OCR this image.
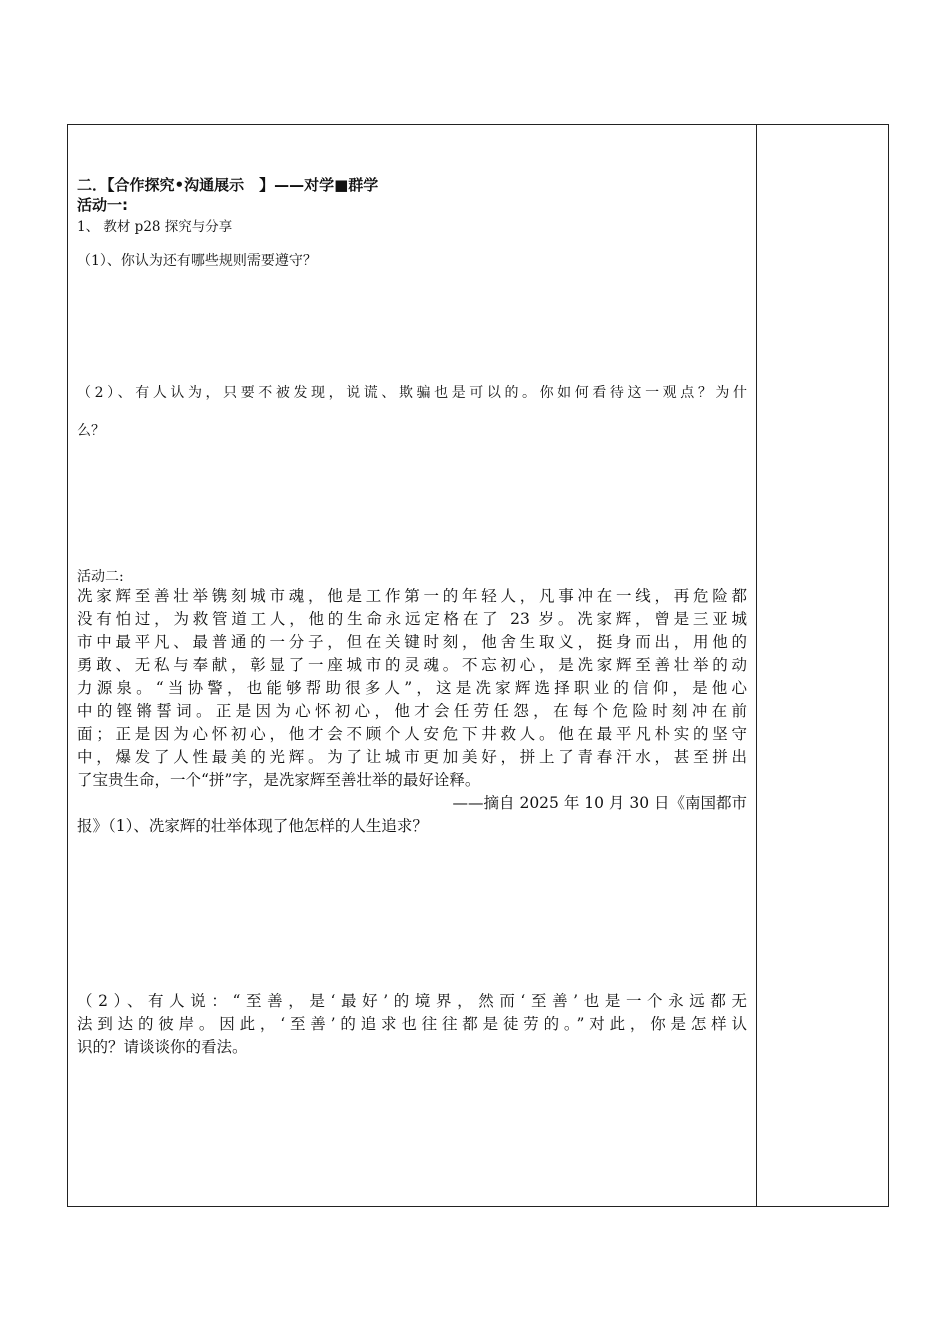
二．【合作探究•沟通展示　】——对学■群学
活动一:
1、 教材 p28 探究与分享
（1）、你认为还有哪些规则需要遵守？
（2）、有人认为，只要不被发现，说谎、欺骗也是可以的。你如何看待这一观点？为什
么？
活动二:
冼家辉至善壮举镌刻城市魂，他是工作第一的年轻人，凡事冲在一线，再危险都
没有怕过，为救管道工人，他的生命永远定格在了 23 岁。冼家辉，曾是三亚城
市中最平凡、最普通的一分子，但在关键时刻，他舍生取义，挺身而出，用他的
勇敢、无私与奉献，彰显了一座城市的灵魂。不忘初心，是冼家辉至善壮举的动
力源泉。“当协警，也能够帮助很多人”，这是冼家辉选择职业的信仰，是他心
中的铿锵誓词。正是因为心怀初心，他才会任劳任怨，在每个危险时刻冲在前
面；正是因为心怀初心，他才会不顾个人安危下井救人。他在最平凡朴实的坚守
中，爆发了人性最美的光辉。为了让城市更加美好，拼上了青春汗水，甚至拼出
了宝贵生命，一个“拼”字，是冼家辉至善壮举的最好诠释。
——摘自 2025 年 10 月 30 日《南国都市
报》（1）、冼家辉的壮举体现了他怎样的人生追求？
（2）、有人说：“至善，是‘最好’的境界，然而‘至善’也是一个永远都无
法到达的彼岸。因此，‘至善’的追求也往往都是徒劳的。”对此，你是怎样认
识的？请谈谈你的看法。
